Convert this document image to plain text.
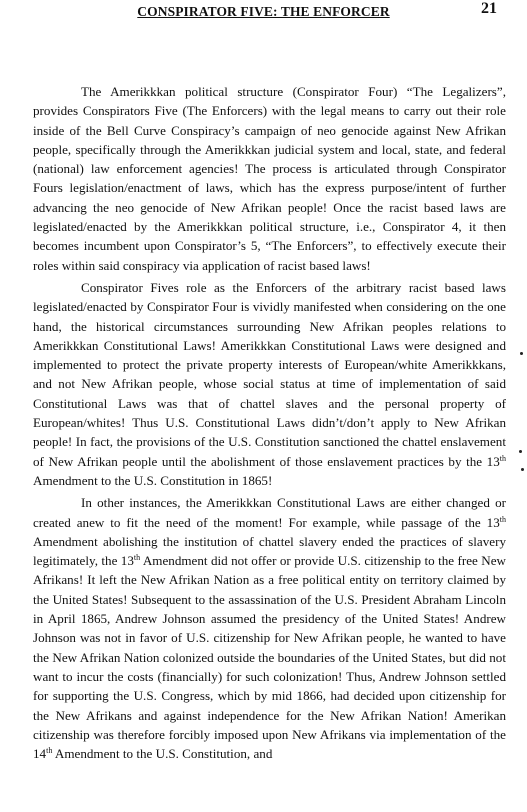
CONSPIRATOR FIVE: THE ENFORCER	21

The Amerikkkan political structure (Conspirator Four) “The Legalizers”, provides Conspirators Five (The Enforcers) with the legal means to carry out their role inside of the Bell Curve Conspiracy’s campaign of neo genocide against New Afrikan people, specifically through the Amerikkkan judicial system and local, state, and federal (national) law enforcement agencies! The process is articulated through Conspirator Fours legislation/enactment of laws, which has the express purpose/intent of further advancing the neo genocide of New Afrikan people! Once the racist based laws are legislated/enacted by the Amerikkkan political structure, i.e., Conspirator 4, it then becomes incumbent upon Conspirator’s 5, “The Enforcers”, to effectively execute their roles within said conspiracy via application of racist based laws!

Conspirator Fives role as the Enforcers of the arbitrary racist based laws legislated/enacted by Conspirator Four is vividly manifested when considering on the one hand, the historical circumstances surrounding New Afrikan peoples relations to Amerikkkan Constitutional Laws! Amerikkkan Constitutional Laws were designed and implemented to protect the private property interests of European/white Amerikkkans, and not New Afrikan people, whose social status at time of implementation of said Constitutional Laws was that of chattel slaves and the personal property of European/whites! Thus U.S. Constitutional Laws didn’t/don’t apply to New Afrikan people! In fact, the provisions of the U.S. Constitution sanctioned the chattel enslavement of New Afrikan people until the abolishment of those enslavement practices by the 13th Amendment to the U.S. Constitution in 1865!

In other instances, the Amerikkkan Constitutional Laws are either changed or created anew to fit the need of the moment! For example, while passage of the 13th Amendment abolishing the institution of chattel slavery ended the practices of slavery legitimately, the 13th Amendment did not offer or provide U.S. citizenship to the free New Afrikans! It left the New Afrikan Nation as a free political entity on territory claimed by the United States! Subsequent to the assassination of the U.S. President Abraham Lincoln in April 1865, Andrew Johnson assumed the presidency of the United States! Andrew Johnson was not in favor of U.S. citizenship for New Afrikan people, he wanted to have the New Afrikan Nation colonized outside the boundaries of the United States, but did not want to incur the costs (financially) for such colonization! Thus, Andrew Johnson settled for supporting the U.S. Congress, which by mid 1866, had decided upon citizenship for the New Afrikans and against independence for the New Afrikan Nation! Amerikan citizenship was therefore forcibly imposed upon New Afrikans via implementation of the 14th Amendment to the U.S. Constitution, and
